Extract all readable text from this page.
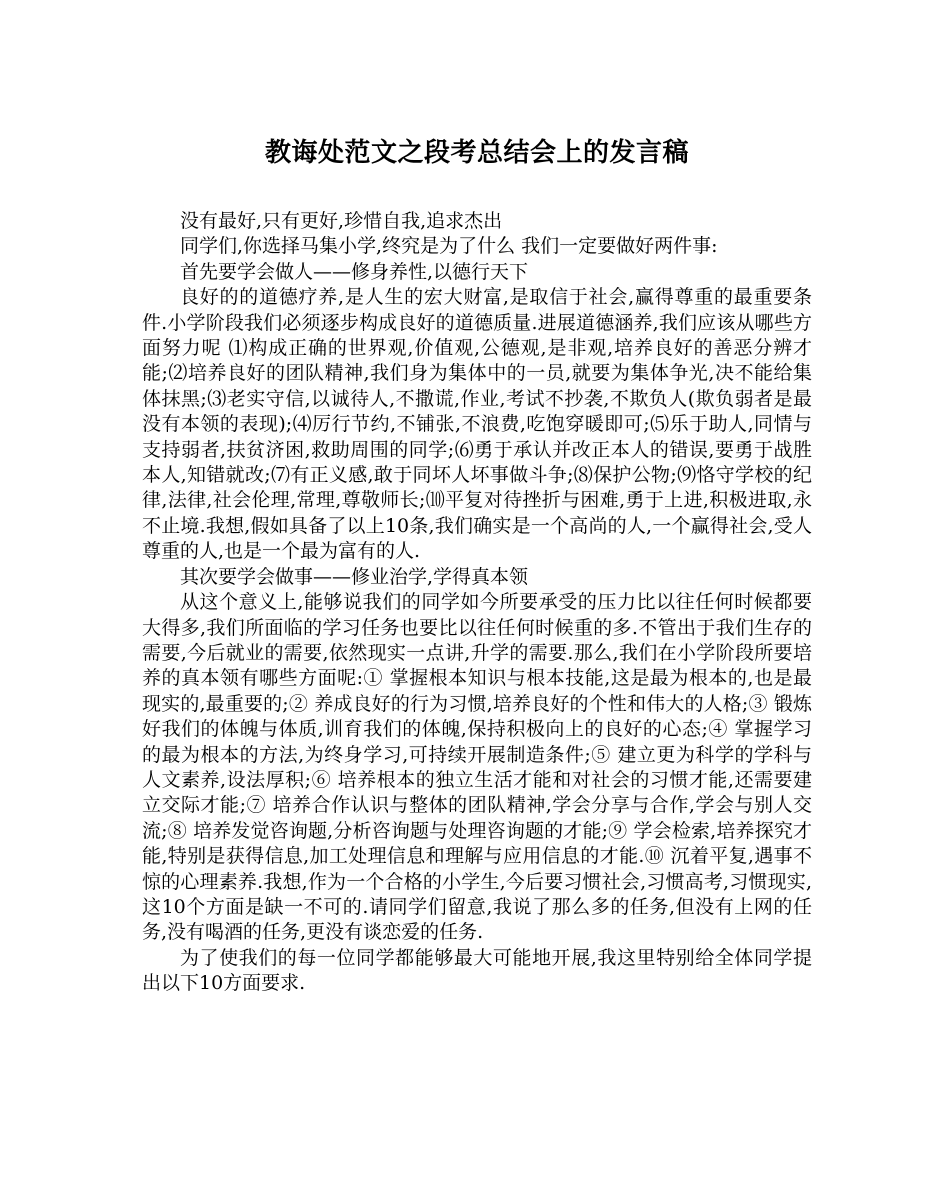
教诲处范文之段考总结会上的发言稿

没有最好,只有更好,珍惜自我,追求杰出

同学们,你选择马集小学,终究是为了什么 我们一定要做好两件事:

首先要学会做人——修身养性,以德行天下

良好的的道德疗养,是人生的宏大财富,是取信于社会,赢得尊重的最重要条件.小学阶段我们必须逐步构成良好的道德质量.进展道德涵养,我们应该从哪些方面努力呢 ⑴构成正确的世界观,价值观,公德观,是非观,培养良好的善恶分辨才能;⑵培养良好的团队精神,我们身为集体中的一员,就要为集体争光,决不能给集体抹黑;⑶老实守信,以诚待人,不撒谎,作业,考试不抄袭,不欺负人(欺负弱者是最没有本领的表现);⑷厉行节约,不铺张,不浪费,吃饱穿暖即可;⑸乐于助人,同情与支持弱者,扶贫济困,救助周围的同学;⑹勇于承认并改正本人的错误,要勇于战胜本人,知错就改;⑺有正义感,敢于同坏人坏事做斗争;⑻保护公物;⑼恪守学校的纪律,法律,社会伦理,常理,尊敬师长;⑽平复对待挫折与困难,勇于上进,积极进取,永不止境.我想,假如具备了以上10条,我们确实是一个高尚的人,一个赢得社会,受人尊重的人,也是一个最为富有的人.

其次要学会做事——修业治学,学得真本领

从这个意义上,能够说我们的同学如今所要承受的压力比以往任何时候都要大得多,我们所面临的学习任务也要比以往任何时候重的多.不管出于我们生存的需要,今后就业的需要,依然现实一点讲,升学的需要.那么,我们在小学阶段所要培养的真本领有哪些方面呢:① 掌握根本知识与根本技能,这是最为根本的,也是最现实的,最重要的;② 养成良好的行为习惯,培养良好的个性和伟大的人格;③ 锻炼好我们的体魄与体质,训育我们的体魄,保持积极向上的良好的心态;④ 掌握学习的最为根本的方法,为终身学习,可持续开展制造条件;⑤ 建立更为科学的学科与人文素养,设法厚积;⑥ 培养根本的独立生活才能和对社会的习惯才能,还需要建立交际才能;⑦ 培养合作认识与整体的团队精神,学会分享与合作,学会与别人交流;⑧ 培养发觉咨询题,分析咨询题与处理咨询题的才能;⑨ 学会检索,培养探究才能,特别是获得信息,加工处理信息和理解与应用信息的才能.⑩ 沉着平复,遇事不惊的心理素养.我想,作为一个合格的小学生,今后要习惯社会,习惯高考,习惯现实,这10个方面是缺一不可的.请同学们留意,我说了那么多的任务,但没有上网的任务,没有喝酒的任务,更没有谈恋爱的任务.

为了使我们的每一位同学都能够最大可能地开展,我这里特别给全体同学提出以下10方面要求.
